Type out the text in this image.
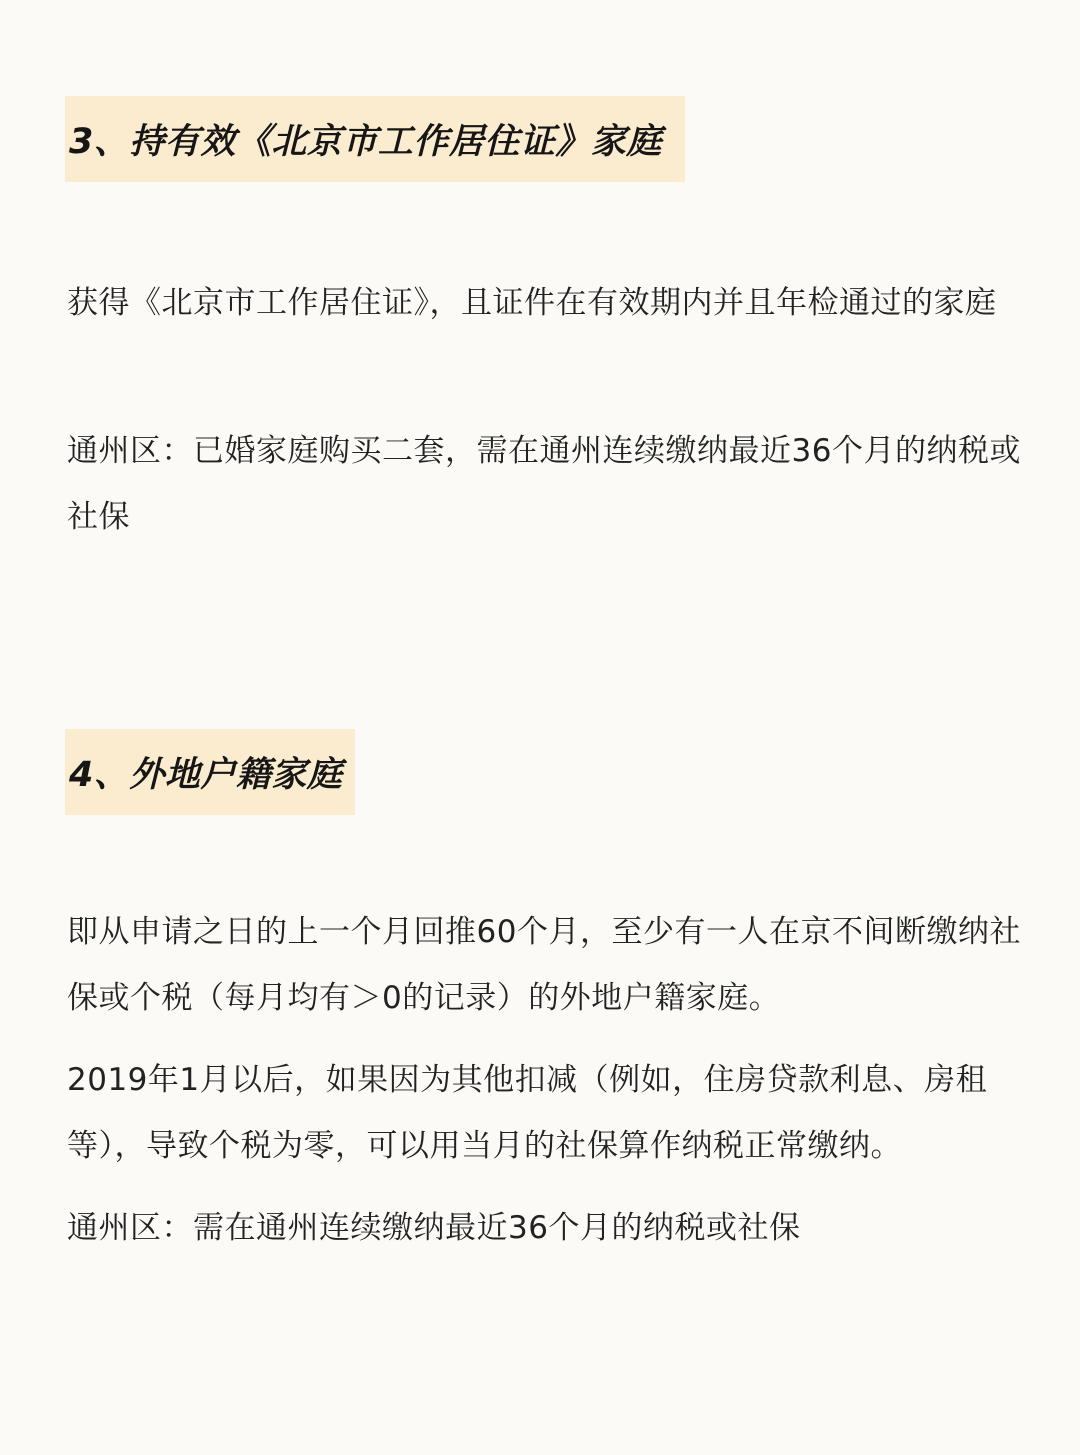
3、持有效《北京市工作居住证》家庭

获得《北京市工作居住证》，且证件在有效期内并且年检通过的家庭

通州区：已婚家庭购买二套，需在通州连续缴纳最近36个月的纳税或社保

4、外地户籍家庭

即从申请之日的上一个月回推60个月，至少有一人在京不间断缴纳社保或个税（每月均有＞0的记录）的外地户籍家庭。

2019年1月以后，如果因为其他扣减（例如，住房贷款利息、房租等），导致个税为零，可以用当月的社保算作纳税正常缴纳。

通州区：需在通州连续缴纳最近36个月的纳税或社保
